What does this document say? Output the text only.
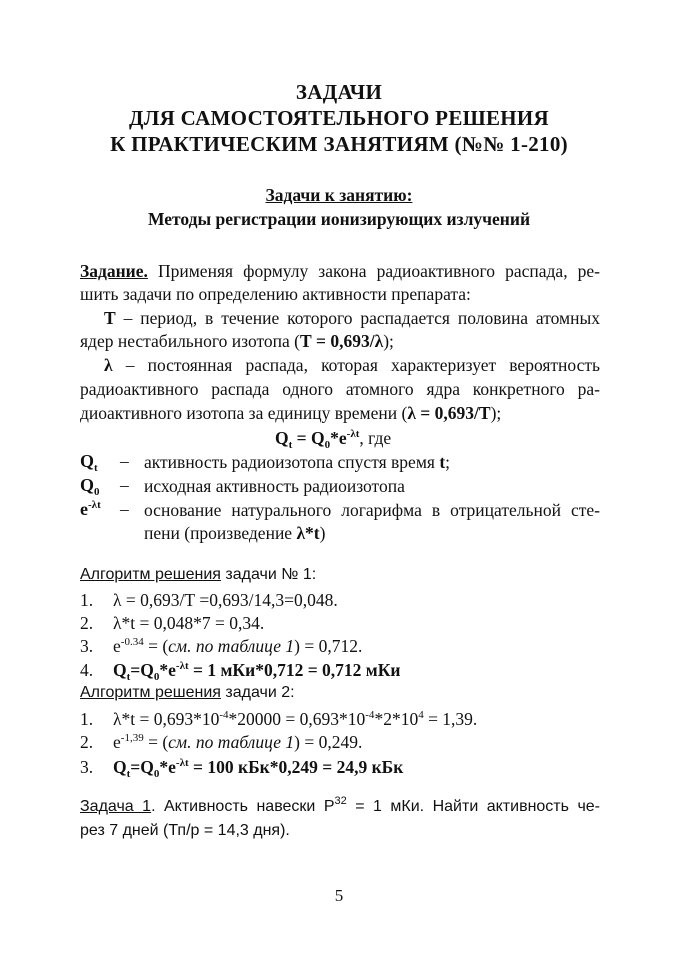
ЗАДАЧИ
ДЛЯ САМОСТОЯТЕЛЬНОГО РЕШЕНИЯ
К ПРАКТИЧЕСКИМ ЗАНЯТИЯМ (№№ 1-210)
Задачи к занятию:
Методы регистрации ионизирующих излучений
Задание. Применяя формулу закона радиоактивного распада, ре-
шить задачи по определению активности препарата:
Т – период, в течение которого распадается половина атомных
ядер нестабильного изотопа (Т = 0,693/λ);
λ – постоянная распада, которая характеризует вероятность
радиоактивного распада одного атомного ядра конкретного ра-
диоактивного изотопа за единицу времени (λ = 0,693/Т);
$Q_t = Q_0*e^{-\lambda t}$, где
$Q_t$ – активность радиоизотопа спустя время t;
$Q_0$ – исходная активность радиоизотопа
$e^{-\lambda t}$ – основание натурального логарифма в отрицательной сте-
пени (произведение λ*t)
Алгоритм решения задачи № 1:
1. λ = 0,693/Т =0,693/14,3=0,048.
2. λ*t = 0,048*7 = 0,34.
3. $e^{-0.34} = (см$. по таблице 1) = 0,712.
4. $Q_t=Q_0*e^{-\lambda t} = 1$ мКи*0,712 = 0,712 мКи
Алгоритм решения задачи 2:
1. $\lambda*t = 0,693*10^{-4}*20000 = 0,693*10^{-4}*2*10^4 = 1,39$.
2. $e^{-1,39} = (см$. по таблице 1) = 0,249.
3. $Q_t=Q_0*e^{-\lambda t} = 100$ кБк*0,249 = 24,9 кБк
Задача 1. Активность навески $Р^{32} = 1$ мКи. Найти активность че-
рез 7 дней (Тп/р = 14,3 дня).
5
